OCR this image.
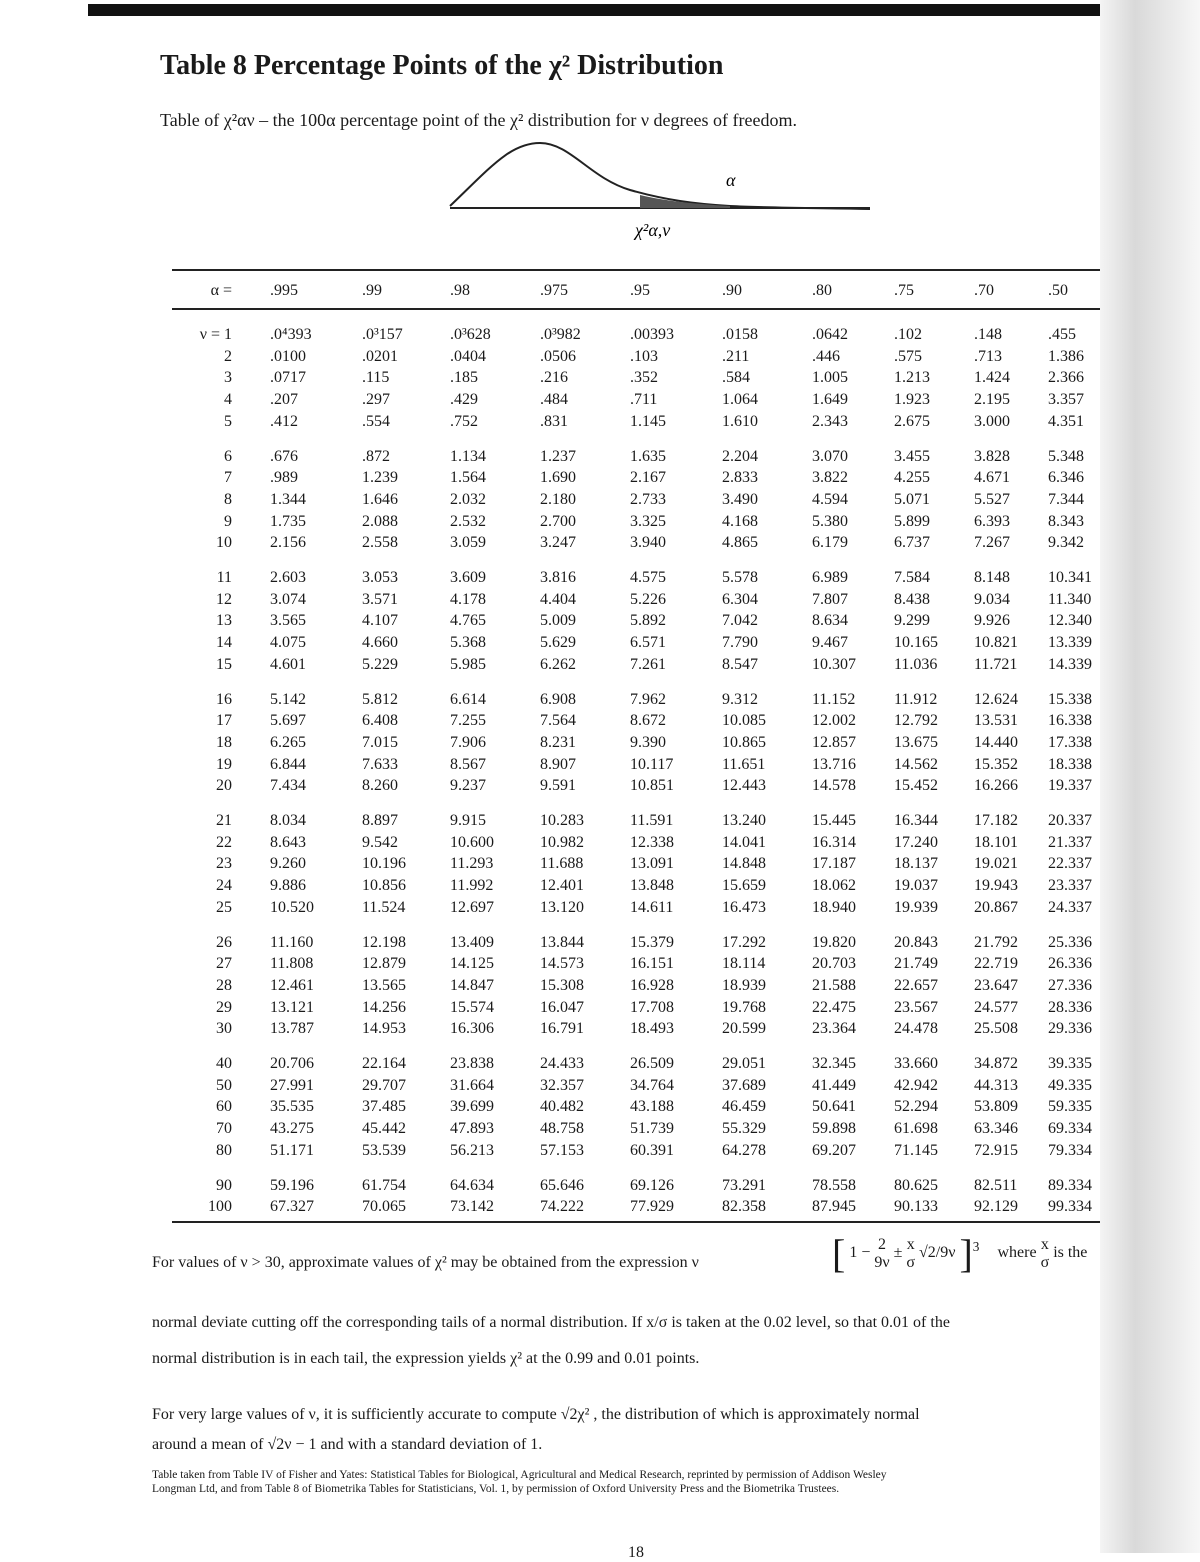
Table 8 Percentage Points of the χ² Distribution
Table of χ²αν – the 100α percentage point of the χ² distribution for ν degrees of freedom.
α
χ²α,ν
α = .995	.99	.98	.975	.95	.90	.80	.75	.70	.50
ν = 1 .0⁴393	.0³157	.0³628	.0³982	.00393	.0158	.0642	.102	.148	.455
2 .0100	.0201	.0404	.0506	.103	.211	.446	.575	.713	1.386
3 .0717	.115	.185	.216	.352	.584	1.005	1.213	1.424 2.366
4 .207	.297	.429	.484	.711	1.064	1.649	1.923	2.195 3.357
5 .412	.554	.752	.831	1.145	1.610	2.343	2.675	3.000 4.351
6 .676	.872	1.134	1.237	1.635	2.204	3.070	3.455	3.828 5.348
7 .989	1.239	1.564	1.690	2.167	2.833	3.822	4.255	4.671 6.346
8 1.344	1.646	2.032	2.180	2.733	3.490	4.594	5.071	5.527 7.344
9 1.735	2.088	2.532	2.700	3.325	4.168	5.380	5.899	6.393 8.343
10 2.156	2.558	3.059	3.247	3.940	4.865	6.179	6.737	7.267 9.342
11 2.603	3.053	3.609	3.816	4.575	5.578	6.989	7.584	8.148 10.341
12 3.074	3.571	4.178	4.404	5.226	6.304	7.807	8.438	9.034 11.340
13 3.565	4.107	4.765	5.009	5.892	7.042	8.634	9.299	9.926 12.340
14 4.075	4.660	5.368	5.629	6.571	7.790	9.467	10.165 10.821 13.339
15 4.601	5.229	5.985	6.262	7.261	8.547	10.307 11.036 11.721 14.339
16 5.142	5.812	6.614	6.908	7.962	9.312	11.152 11.912 12.624 15.338
17 5.697	6.408	7.255	7.564	8.672	10.085	12.002 12.792 13.531 16.338
18 6.265	7.015	7.906	8.231	9.390	10.865	12.857 13.675 14.440 17.338
19 6.844	7.633	8.567	8.907	10.117	11.651	13.716 14.562 15.352 18.338
20 7.434	8.260	9.237	9.591	10.851	12.443	14.578 15.452 16.266 19.337
21 8.034	8.897	9.915	10.283	11.591	13.240	15.445 16.344 17.182 20.337
22 8.643	9.542	10.600	10.982	12.338	14.041	16.314 17.240 18.101 21.337
23 9.260	10.196	11.293	11.688	13.091	14.848	17.187 18.137 19.021 22.337
24 9.886	10.856	11.992	12.401	13.848	15.659	18.062 19.037 19.943 23.337
25 10.520	11.524	12.697	13.120	14.611	16.473	18.940 19.939 20.867 24.337
26 11.160	12.198	13.409	13.844	15.379	17.292	19.820 20.843 21.792 25.336
27 11.808	12.879	14.125	14.573	16.151	18.114	20.703 21.749 22.719 26.336
28 12.461	13.565	14.847	15.308	16.928	18.939	21.588 22.657 23.647 27.336
29 13.121	14.256	15.574	16.047	17.708	19.768	22.475 23.567 24.577 28.336
30 13.787	14.953	16.306	16.791	18.493	20.599	23.364 24.478 25.508 29.336
40 20.706	22.164	23.838	24.433	26.509	29.051	32.345 33.660 34.872 39.335
50 27.991	29.707	31.664	32.357	34.764	37.689	41.449 42.942 44.313 49.335
60 35.535	37.485	39.699	40.482	43.188	46.459	50.641 52.294 53.809 59.335
70 43.275	45.442	47.893	48.758	51.739	55.329	59.898 61.698 63.346 69.334
80 51.171	53.539	56.213	57.153	60.391	64.278	69.207 71.145 72.915 79.334
90 59.196	61.754	64.634	65.646	69.126	73.291	78.558 80.625 82.511 89.334
100 67.327	70.065	73.142	74.222	77.929	82.358	87.945 90.133 92.129 99.334
For values of ν > 30, approximate values of χ² may be obtained from the expression ν	[ 1 − 2
9ν ± x
σ √2/9ν ]$^3$ where x
σ is the
normal deviate cutting off the corresponding tails of a normal distribution. If x/σ is taken at the 0.02 level, so that 0.01 of the
normal distribution is in each tail, the expression yields χ² at the 0.99 and 0.01 points.
For very large values of ν, it is sufficiently accurate to compute √2χ² , the distribution of which is approximately normal
around a mean of √2ν − 1 and with a standard deviation of 1.
Table taken from Table IV of Fisher and Yates: Statistical Tables for Biological, Agricultural and Medical Research, reprinted by permission of Addison Wesley
Longman Ltd, and from Table 8 of Biometrika Tables for Statisticians, Vol. 1, by permission of Oxford University Press and the Biometrika Trustees.
18
